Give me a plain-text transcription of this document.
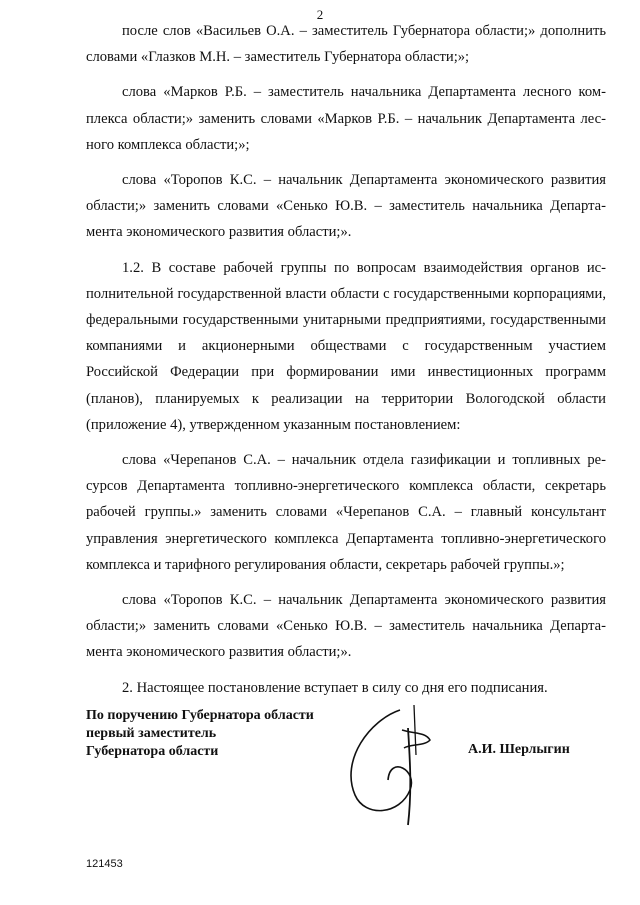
2

после слов «Васильев О.А. – заместитель Губернатора области;» дополнить словами «Глазков М.Н. – заместитель Губернатора области;»;

слова «Марков Р.Б. – заместитель начальника Департамента лесного комплекса области;» заменить словами «Марков Р.Б. – начальник Департамента лесного комплекса области;»;

слова «Торопов К.С. – начальник Департамента экономического развития области;» заменить словами «Сенько Ю.В. – заместитель начальника Департамента экономического развития области;».

1.2. В составе рабочей группы по вопросам взаимодействия органов исполнительной государственной власти области с государственными корпорациями, федеральными государственными унитарными предприятиями, государственными компаниями и акционерными обществами с государственным участием Российской Федерации при формировании ими инвестиционных программ (планов), планируемых к реализации на территории Вологодской области (приложение 4), утвержденном указанным постановлением:

слова «Черепанов С.А. – начальник отдела газификации и топливных ресурсов Департамента топливно-энергетического комплекса области, секретарь рабочей группы.» заменить словами «Черепанов С.А. – главный консультант управления энергетического комплекса Департамента топливно-энергетического комплекса и тарифного регулирования области, секретарь рабочей группы.»;

слова «Торопов К.С. – начальник Департамента экономического развития области;» заменить словами «Сенько Ю.В. – заместитель начальника Департамента экономического развития области;».

2. Настоящее постановление вступает в силу со дня его подписания.

По поручению Губернатора области
первый заместитель
Губернатора области	А.И. Шерлыгин
121453
